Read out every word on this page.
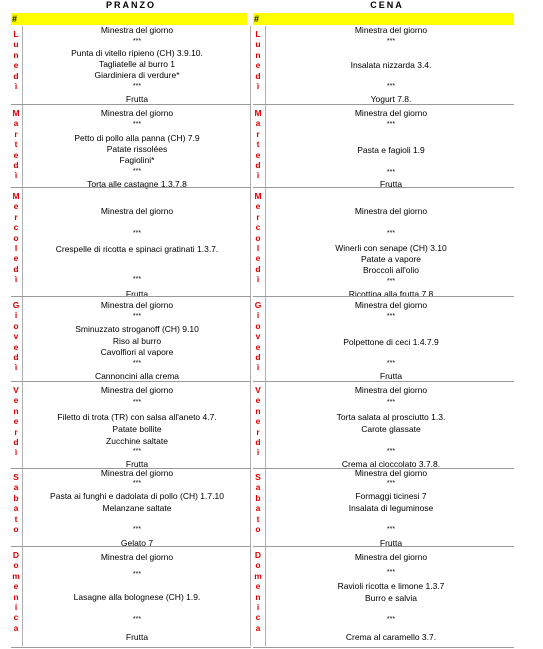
PRANZO	CENA
#	#
L
u
n
e
d
ì
L
u
n
e
d
ì
Minestra del giorno
***
Punta di vitello ripieno (CH) 3.9.10.
Tagliatelle al burro 1
Giardiniera di verdure*
***
Frutta
Minestra del giorno
***
Insalata nizzarda 3.4.
***
Yogurt 7.8.
M
a
r
t
e
d
ì
M
a
r
t
e
d
ì
Minestra del giorno
***
Petto di pollo alla panna (CH) 7.9
Patate rissolées
Fagiolini*
***
Torta alle castagne 1.3.7.8
Minestra del giorno
***
Pasta e fagioli 1.9
***
Frutta
M
e
r
c
o
l
e
d
ì
M
e
r
c
o
l
e
d
ì
Minestra del giorno
***
Crespelle di ricotta e spinaci gratinati 1.3.7.
***
Frutta
Minestra del giorno
***
Winerli con senape (CH) 3.10
Patate a vapore
Broccoli all'olio
***
Ricottina alla frutta 7.8
G
i
o
v
e
d
ì
G
i
o
v
e
d
ì
Minestra del giorno
***
Sminuzzato stroganoff (CH) 9.10
Riso al burro
Cavolfiori al vapore
***
Cannoncini alla crema
Minestra del giorno
***
Polpettone di ceci 1.4.7.9
***
Frutta
V
e
n
e
r
d
ì
V
e
n
e
r
d
ì
Minestra del giorno
***
Filetto di trota (TR) con salsa all'aneto 4.7.
Patate bollite
Zucchine saltate
***
Frutta
Minestra del giorno
***
Torta salata al prosciutto 1.3.
Carote glassate
***
Crema al cioccolato 3.7.8.
S
a
b
a
t
o
S
a
b
a
t
o
Minestra del giorno
***
Pasta ai funghi e dadolata di pollo (CH) 1.7.10
Melanzane saltate
***
Gelato 7
Minestra del giorno
***
Formaggi ticinesi 7
Insalata di leguminose
***
Frutta
D
o
m
e
n
i
c
a
D
o
m
e
n
i
c
a
Minestra del giorno
***
Lasagne alla bolognese (CH) 1.9.
***
Frutta
Minestra del giorno
***
Ravioli ricotta e limone 1.3.7
Burro e salvia
***
Crema al caramello 3.7.
